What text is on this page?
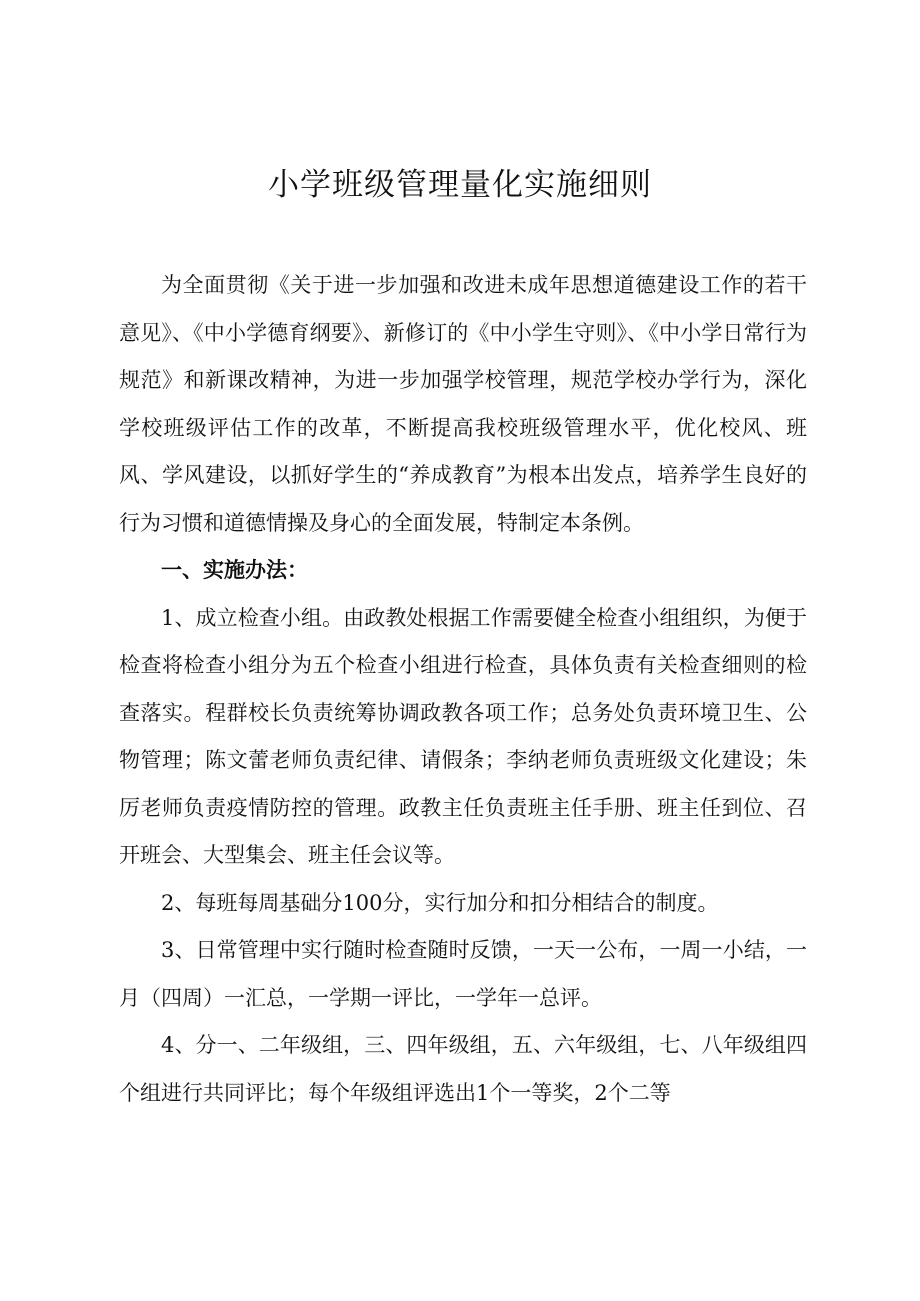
小学班级管理量化实施细则

为全面贯彻《关于进一步加强和改进未成年思想道德建设工作的若干意见》、《中小学德育纲要》、新修订的《中小学生守则》、《中小学日常行为规范》和新课改精神，为进一步加强学校管理，规范学校办学行为，深化学校班级评估工作的改革，不断提高我校班级管理水平，优化校风、班风、学风建设，以抓好学生的“养成教育”为根本出发点，培养学生良好的行为习惯和道德情操及身心的全面发展，特制定本条例。

一、实施办法：

1、成立检查小组。由政教处根据工作需要健全检查小组组织，为便于检查将检查小组分为五个检查小组进行检查，具体负责有关检查细则的检查落实。程群校长负责统筹协调政教各项工作；总务处负责环境卫生、公物管理；陈文蕾老师负责纪律、请假条；李纳老师负责班级文化建设；朱厉老师负责疫情防控的管理。政教主任负责班主任手册、班主任到位、召开班会、大型集会、班主任会议等。

2、每班每周基础分100分，实行加分和扣分相结合的制度。

3、日常管理中实行随时检查随时反馈，一天一公布，一周一小结，一月（四周）一汇总，一学期一评比，一学年一总评。

4、分一、二年级组，三、四年级组，五、六年级组，七、八年级组四个组进行共同评比；每个年级组评选出1个一等奖，2个二等
